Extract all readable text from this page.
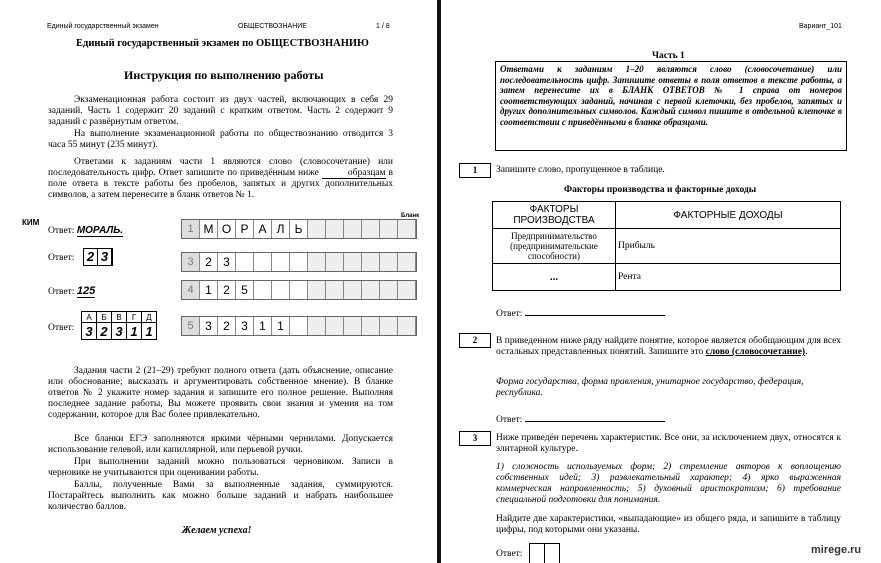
Единый государственный экзамен	ОБЩЕСТВОЗНАНИЕ	1 / 8
Единый государственный экзамен по ОБЩЕСТВОЗНАНИЮ
Инструкция по выполнению работы

Экзаменационная работа состоит из двух частей, включающих в себя 29 заданий. Часть 1 содержит 20 заданий с кратким ответом. Часть 2 содержит 9 заданий с развёрнутым ответом.

На выполнение экзаменационной работы по обществознанию отводится 3 часа 55 минут (235 минут).

Ответами к заданиям части 1 являются слово (словосочетание) или последовательность цифр. Ответ запишите по приведённым ниже	образцам в поле ответа в тексте работы без пробелов, запятых и других дополнительных символов, а затем перенесите в бланк ответов № 1.

КИМ
Бланк
Ответ: МОРАЛЬ.	1 М О Р А Л Ь
Ответ: 2 3	3 2 3
Ответ: 125	4 1 2 5
Ответ:
А	Б	В	Г	Д
3	2	3	1	1	5 3 2 3 1 1

Задания части 2 (21–29) требуют полного ответа (дать объяснение, описание или обоснование; высказать и аргументировать собственное мнение). В бланке ответов № 2 укажите номер задания и запишите его полное решение. Выполняя последнее задание работы, Вы можете проявить свои знания и умения на том содержании, которое для Вас более привлекательно.

Все бланки ЕГЭ заполняются яркими чёрными чернилами. Допускается использование гелевой, или капиллярной, или перьевой ручки.

При выполнении заданий можно пользоваться черновиком. Записи в черновике не учитываются при оценивании работы.

Баллы, полученные Вами за выполненные задания, суммируются. Постарайтесь выполнить как можно больше заданий и набрать наибольшее количество баллов.

Желаем успеха!
Вариант_101
Часть 1

Ответами к заданиям 1–20 являются слово (словосочетание) или последовательность цифр. Запишите ответы в поля ответов в тексте работы, а затем перенесите их в БЛАНК ОТВЕТОВ № 1 справа от номеров соответствующих заданий, начиная с первой клеточки, без пробелов, запятых и других дополнительных символов. Каждый символ пишите в отдельной клеточке в соответствии с приведёнными в бланке образцами.

1	Запишите слово, пропущенное в таблице.
Факторы производства и факторные доходы
ФАКТОРЫ ПРОИЗВОДСТВА	ФАКТОРНЫЕ ДОХОДЫ
Предпринимательство (предпринимательские способности)	Прибыль
...	Рента
Ответ:
2	В приведенном ниже ряду найдите понятие, которое является обобщающим для всех остальных представленных понятий. Запишите это слово (словосочетание).

Форма государства, форма правления, унитарное государство, федерация, республика.

Ответ:
3	Ниже приведён перечень характеристик. Все они, за исключением двух, относятся к элитарной культуре.

1) сложность используемых форм; 2) стремление авторов к воплощению собственных идей; 3) развлекательный характер; 4) ярко выраженная коммерческая направленность; 5) духовный аристократизм; 6) требование специальной подготовки для понимания.

Найдите две характеристики, «выпадающие» из общего ряда, и запишите в таблицу цифры, под которыми они указаны.

Ответ:	mirege.ru
